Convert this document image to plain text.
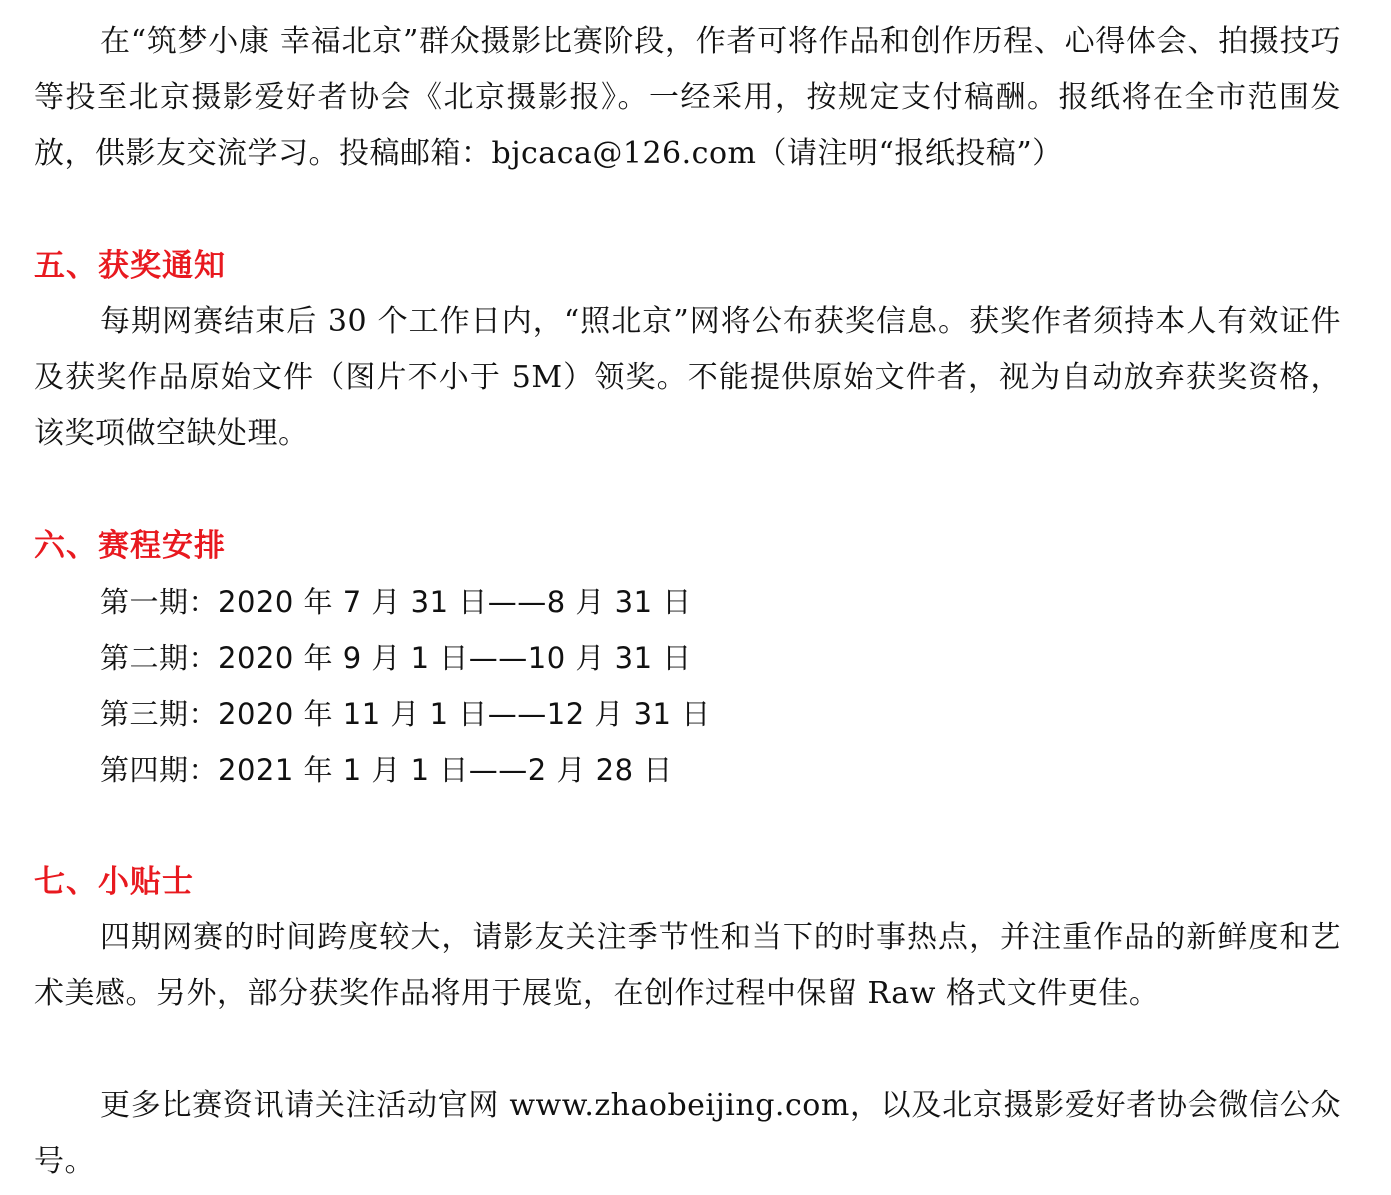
在“筑梦小康 幸福北京”群众摄影比赛阶段，作者可将作品和创作历程、心得体会、拍摄技巧等投至北京摄影爱好者协会《北京摄影报》。一经采用，按规定支付稿酬。报纸将在全市范围发放，供影友交流学习。投稿邮箱：bjcaca@126.com（请注明“报纸投稿”）

五、获奖通知

每期网赛结束后 30 个工作日内，“照北京”网将公布获奖信息。获奖作者须持本人有效证件及获奖作品原始文件（图片不小于 5M）领奖。不能提供原始文件者，视为自动放弃获奖资格，该奖项做空缺处理。

六、赛程安排

第一期：2020 年 7 月 31 日——8 月 31 日

第二期：2020 年 9 月 1 日——10 月 31 日

第三期：2020 年 11 月 1 日——12 月 31 日

第四期：2021 年 1 月 1 日——2 月 28 日

七、小贴士

四期网赛的时间跨度较大，请影友关注季节性和当下的时事热点，并注重作品的新鲜度和艺术美感。另外，部分获奖作品将用于展览，在创作过程中保留 Raw 格式文件更佳。

更多比赛资讯请关注活动官网 www.zhaobeijing.com，以及北京摄影爱好者协会微信公众号。
